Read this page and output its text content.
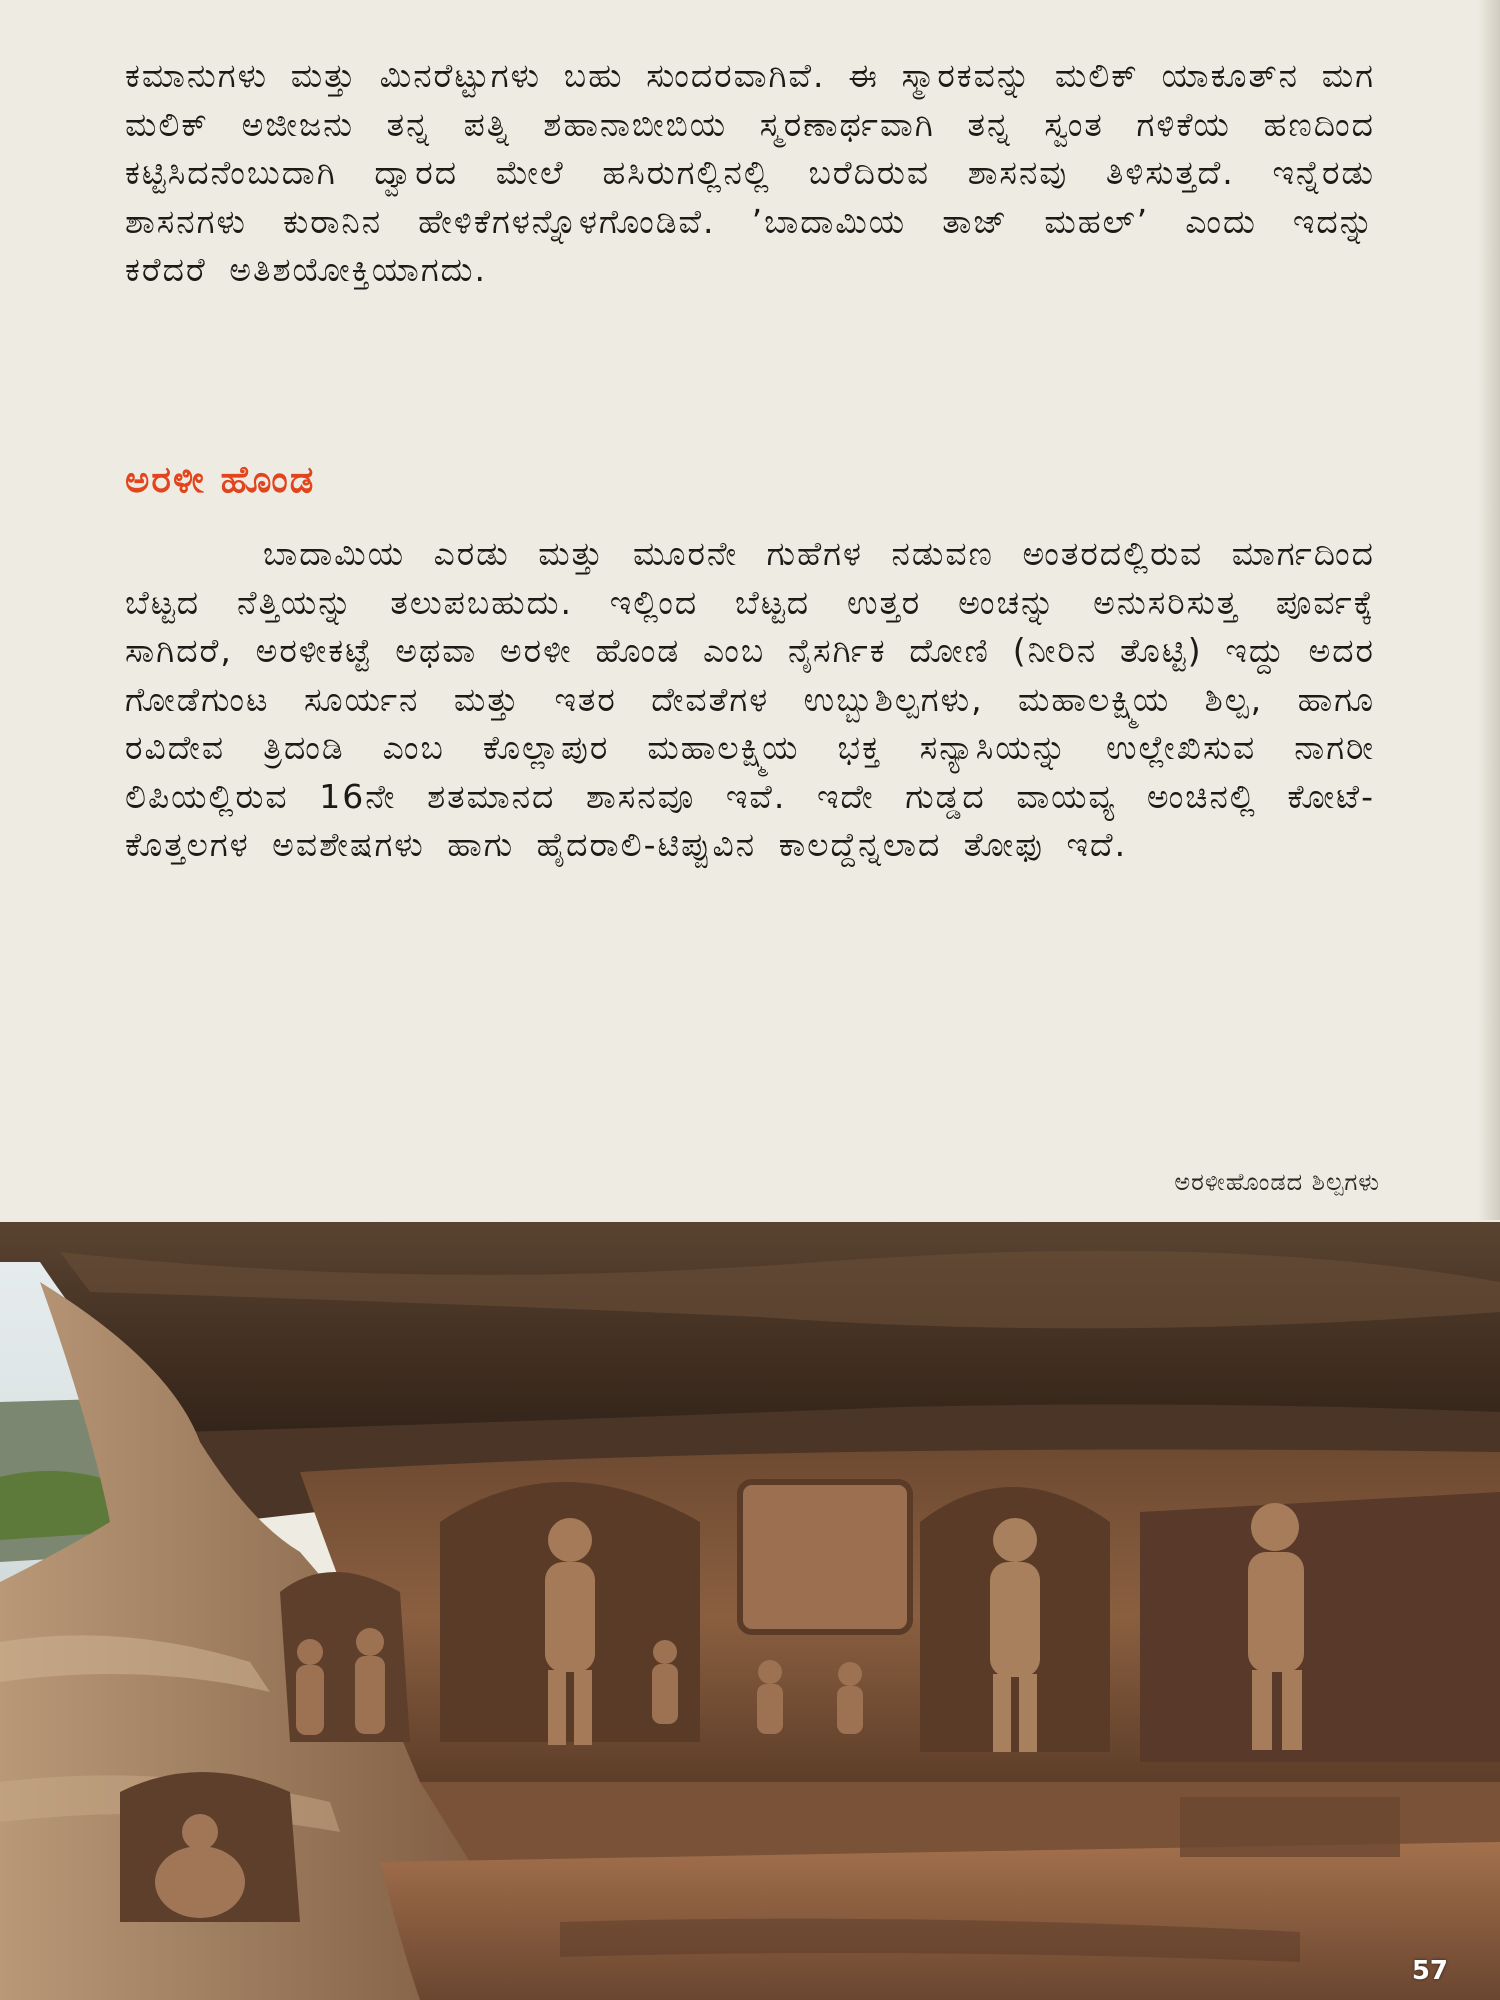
ಕಮಾನುಗಳು ಮತ್ತು ಮಿನರೆಟ್ಟುಗಳು ಬಹು ಸುಂದರವಾಗಿವೆ. ಈ ಸ್ಮಾರಕವನ್ನು ಮಲಿಕ್ ಯಾಕೂತ್‌ನ ಮಗ ಮಲಿಕ್ ಅಜೀಜನು ತನ್ನ ಪತ್ನಿ ಶಹಾನಾಬೀಬಿಯ ಸ್ಮರಣಾರ್ಥವಾಗಿ ತನ್ನ ಸ್ವಂತ ಗಳಿಕೆಯ ಹಣದಿಂದ ಕಟ್ಟಿಸಿದನೆಂಬುದಾಗಿ ದ್ವಾರದ ಮೇಲೆ ಹಸಿರುಗಲ್ಲಿನಲ್ಲಿ ಬರೆದಿರುವ ಶಾಸನವು ತಿಳಿಸುತ್ತದೆ. ಇನ್ನೆರಡು ಶಾಸನಗಳು ಕುರಾನಿನ ಹೇಳಿಕೆಗಳನ್ನೊಳಗೊಂಡಿವೆ. ’ಬಾದಾಮಿಯ ತಾಜ್ ಮಹಲ್’ ಎಂದು ಇದನ್ನು ಕರೆದರೆ ಅತಿಶಯೋಕ್ತಿಯಾಗದು.

ಅರಳೀ ಹೊಂಡ

ಬಾದಾಮಿಯ ಎರಡು ಮತ್ತು ಮೂರನೇ ಗುಹೆಗಳ ನಡುವಣ ಅಂತರದಲ್ಲಿರುವ ಮಾರ್ಗದಿಂದ ಬೆಟ್ಟದ ನೆತ್ತಿಯನ್ನು ತಲುಪಬಹುದು. ಇಲ್ಲಿಂದ ಬೆಟ್ಟದ ಉತ್ತರ ಅಂಚನ್ನು ಅನುಸರಿಸುತ್ತ ಪೂರ್ವಕ್ಕೆ ಸಾಗಿದರೆ, ಅರಳೀಕಟ್ಟೆ ಅಥವಾ ಅರಳೀ ಹೊಂಡ ಎಂಬ ನೈಸರ್ಗಿಕ ದೋಣಿ (ನೀರಿನ ತೊಟ್ಟಿ) ಇದ್ದು ಅದರ ಗೋಡೆಗುಂಟ ಸೂರ್ಯನ ಮತ್ತು ಇತರ ದೇವತೆಗಳ ಉಬ್ಬುಶಿಲ್ಪಗಳು, ಮಹಾಲಕ್ಷ್ಮಿಯ ಶಿಲ್ಪ, ಹಾಗೂ ರವಿದೇವ ತ್ರಿದಂಡಿ ಎಂಬ ಕೊಲ್ಲಾಪುರ ಮಹಾಲಕ್ಷ್ಮಿಯ ಭಕ್ತ ಸನ್ಯಾಸಿಯನ್ನು ಉಲ್ಲೇಖಿಸುವ ನಾಗರೀ ಲಿಪಿಯಲ್ಲಿರುವ 16ನೇ ಶತಮಾನದ ಶಾಸನವೂ ಇವೆ. ಇದೇ ಗುಡ್ಡದ ವಾಯವ್ಯ ಅಂಚಿನಲ್ಲಿ ಕೋಟೆ-ಕೊತ್ತಲಗಳ ಅವಶೇಷಗಳು ಹಾಗು ಹೈದರಾಲಿ-ಟಿಪ್ಪುವಿನ ಕಾಲದ್ದೆನ್ನಲಾದ ತೋಫು ಇದೆ.

ಅರಳೀಹೊಂಡದ ಶಿಲ್ಪಗಳು
57
